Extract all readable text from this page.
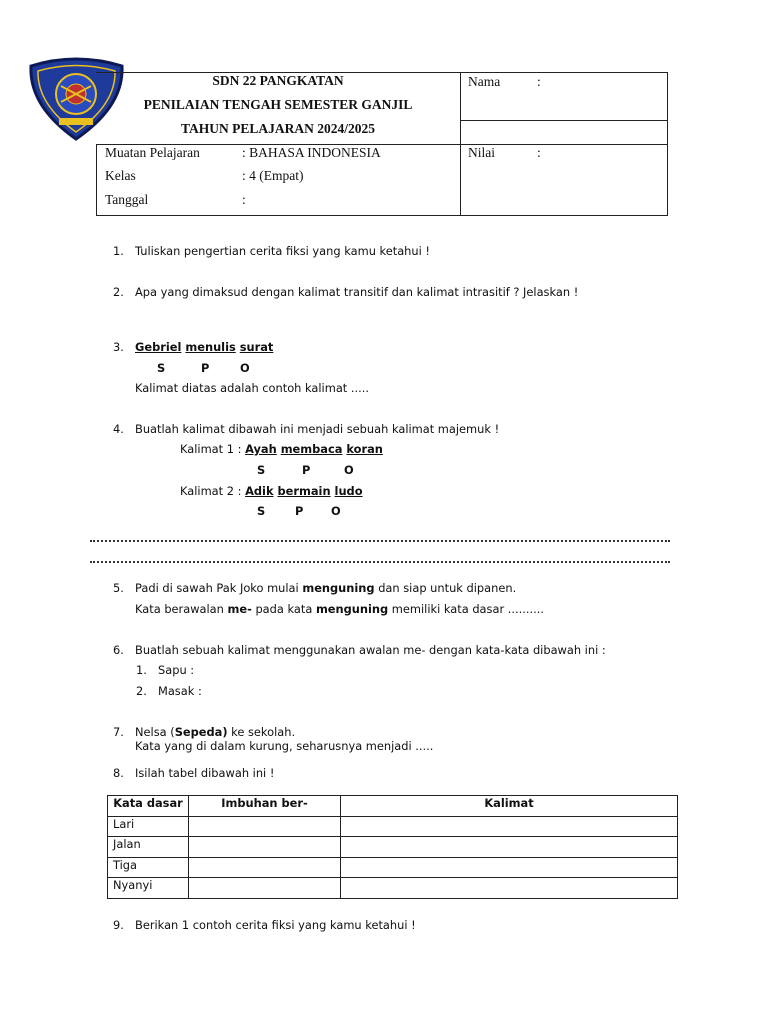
SDN 22 PANGKATAN
PENILAIAN TENGAH SEMESTER GANJIL
TAHUN PELAJARAN 2024/2025
Nama	:
Nilai	:
Muatan Pelajaran	: BAHASA INDONESIA
Kelas	: 4 (Empat)
Tanggal	:
1. Tuliskan pengertian cerita fiksi yang kamu ketahui !
2. Apa yang dimaksud dengan kalimat transitif dan kalimat intrasitif ? Jelaskan !
3. Gebriel menulis surat
S	P	O
Kalimat diatas adalah contoh kalimat .....
4. Buatlah kalimat dibawah ini menjadi sebuah kalimat majemuk !
Kalimat 1 : Ayah membaca koran
S	P	O
Kalimat 2 : Adik bermain ludo
S	P O
5. Padi di sawah Pak Joko mulai menguning dan siap untuk dipanen.
Kata berawalan me- pada kata menguning memiliki kata dasar ..........
6. Buatlah sebuah kalimat menggunakan awalan me- dengan kata-kata dibawah ini :
1. Sapu :
2. Masak :
7. Nelsa (Sepeda) ke sekolah.
Kata yang di dalam kurung, seharusnya menjadi .....
8. Isilah tabel dibawah ini !
Kata dasar	Imbuhan ber-	Kalimat
Lari		
Jalan		
Tiga		
Nyanyi		
9. Berikan 1 contoh cerita fiksi yang kamu ketahui !
